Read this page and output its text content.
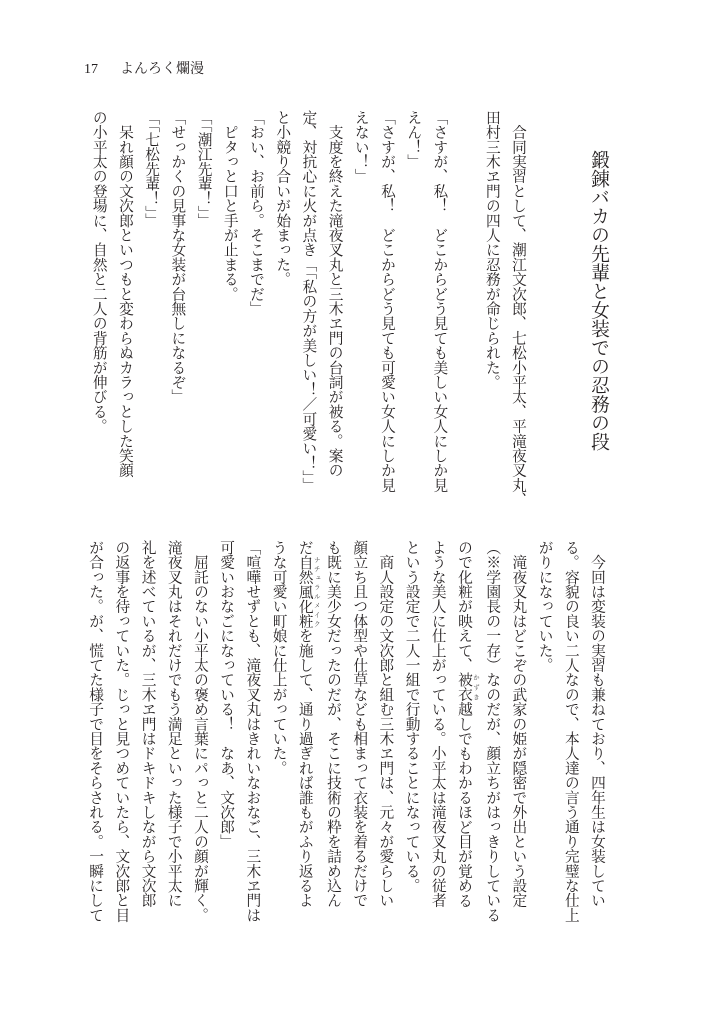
17 よんろく爛漫
鍛錬バカの先輩と女装での忍務の段
　合同実習として、潮江文次郎、七松小平太、平滝夜叉丸、
田村三木ヱ門の四人に忍務が命じられた。
「さすが、私！　どこからどう見ても美しい女人にしか見
えん！」
「さすが、私！　どこからどう見ても可愛い女人にしか見
えない！」
　支度を終えた滝夜叉丸と三木ヱ門の台詞が被る。案の
定、対抗心に火が点き「「私の方が美しい！／可愛い！」」
と小競り合いが始まった。
「おい、お前ら。そこまでだ」
　ピタっと口と手が止まる。
「「潮江先輩！」」
「せっかくの見事な女装が台無しになるぞ」
「「七松先輩！」」
　呆れ顔の文次郎といつもと変わらぬカラっとした笑顔
の小平太の登場に、自然と二人の背筋が伸びる。
　今回は変装の実習も兼ねており、四年生は女装してい
る。容貌の良い二人なので、本人達の言う通り完璧な仕上
がりになっていた。
　滝夜叉丸はどこぞの武家の姫が隠密で外出という設定
（※学園長の一存）なのだが、顔立ちがはっきりしている
ので化粧が映えて、被衣 かずき越しでもわかるほど目が覚める
ような美人に仕上がっている。小平太は滝夜叉丸の従者
という設定で二人一組で行動することになっている。
　商人設定の文次郎と組む三木ヱ門は、元々が愛らしい
顔立ち且つ体型や仕草なども相まって衣装を着るだけで
も既に美少女だったのだが、そこに技術の粋を詰め込ん
だ自然風化粧 ナチュラルメイクを施して、通り過ぎれば誰もがふり返るよ
うな可愛い町娘に仕上がっていた。
「喧嘩せずとも、滝夜叉丸はきれいなおなご、三木ヱ門は
可愛いおなごになっている！　なあ、文次郎」
　屈託のない小平太の褒め言葉にパっと二人の顔が輝く。
滝夜叉丸はそれだけでもう満足といった様子で小平太に
礼を述べているが、三木ヱ門はドキドキしながら文次郎
の返事を待っていた。じっと見つめていたら、文次郎と目
が合った。が、慌てた様子で目をそらされる。一瞬にして
